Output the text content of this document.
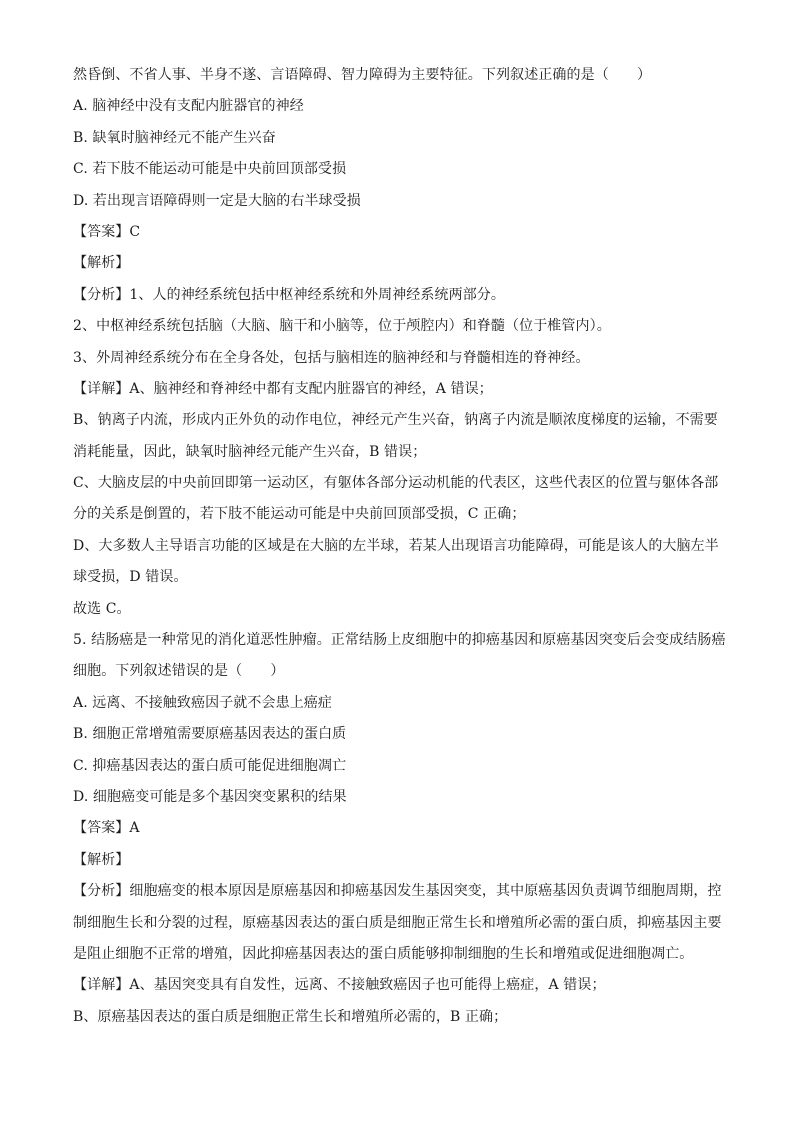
然昏倒、不省人事、半身不遂、言语障碍、智力障碍为主要特征。下列叙述正确的是（　　）
A. 脑神经中没有支配内脏器官的神经
B. 缺氧时脑神经元不能产生兴奋
C. 若下肢不能运动可能是中央前回顶部受损
D. 若出现言语障碍则一定是大脑的右半球受损
【答案】C
【解析】
【分析】1、人的神经系统包括中枢神经系统和外周神经系统两部分。
2、中枢神经系统包括脑（大脑、脑干和小脑等，位于颅腔内）和脊髓（位于椎管内）。
3、外周神经系统分布在全身各处，包括与脑相连的脑神经和与脊髓相连的脊神经。
【详解】A、脑神经和脊神经中都有支配内脏器官的神经，A 错误；
B、钠离子内流，形成内正外负的动作电位，神经元产生兴奋，钠离子内流是顺浓度梯度的运输，不需要
消耗能量，因此，缺氧时脑神经元能产生兴奋，B 错误；
C、大脑皮层的中央前回即第一运动区，有躯体各部分运动机能的代表区，这些代表区的位置与躯体各部
分的关系是倒置的，若下肢不能运动可能是中央前回顶部受损，C 正确；
D、大多数人主导语言功能的区域是在大脑的左半球，若某人出现语言功能障碍，可能是该人的大脑左半
球受损，D 错误。
故选 C。
5. 结肠癌是一种常见的消化道恶性肿瘤。正常结肠上皮细胞中的抑癌基因和原癌基因突变后会变成结肠癌
细胞。下列叙述错误的是（　　）
A. 远离、不接触致癌因子就不会患上癌症
B. 细胞正常增殖需要原癌基因表达的蛋白质
C. 抑癌基因表达的蛋白质可能促进细胞凋亡
D. 细胞癌变可能是多个基因突变累积的结果
【答案】A
【解析】
【分析】细胞癌变的根本原因是原癌基因和抑癌基因发生基因突变，其中原癌基因负责调节细胞周期，控
制细胞生长和分裂的过程，原癌基因表达的蛋白质是细胞正常生长和增殖所必需的蛋白质，抑癌基因主要
是阻止细胞不正常的增殖，因此抑癌基因表达的蛋白质能够抑制细胞的生长和增殖或促进细胞凋亡。
【详解】A、基因突变具有自发性，远离、不接触致癌因子也可能得上癌症，A 错误；
B、原癌基因表达的蛋白质是细胞正常生长和增殖所必需的，B 正确；
